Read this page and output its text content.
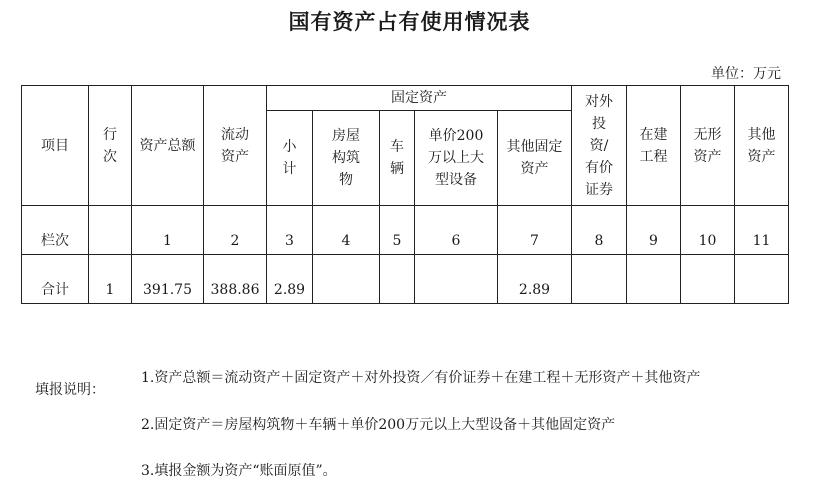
国有资产占有使用情况表
单位：万元
项目	行次	资产总额	流动资产	固定资产					对外投资/有价证券	在建工程	无形资产	其他资产
				小计	房屋构筑物	车辆	单价200万以上大型设备	其他固定资产				
栏次		1	2	3	4	5	6	7	8	9	10	11
合计	1	391.75	388.86	2.89				2.89				
填报说明：
1.资产总额＝流动资产＋固定资产＋对外投资／有价证券＋在建工程＋无形资产＋其他资产
2.固定资产＝房屋构筑物＋车辆＋单价200万元以上大型设备＋其他固定资产
3.填报金额为资产“账面原值”。
